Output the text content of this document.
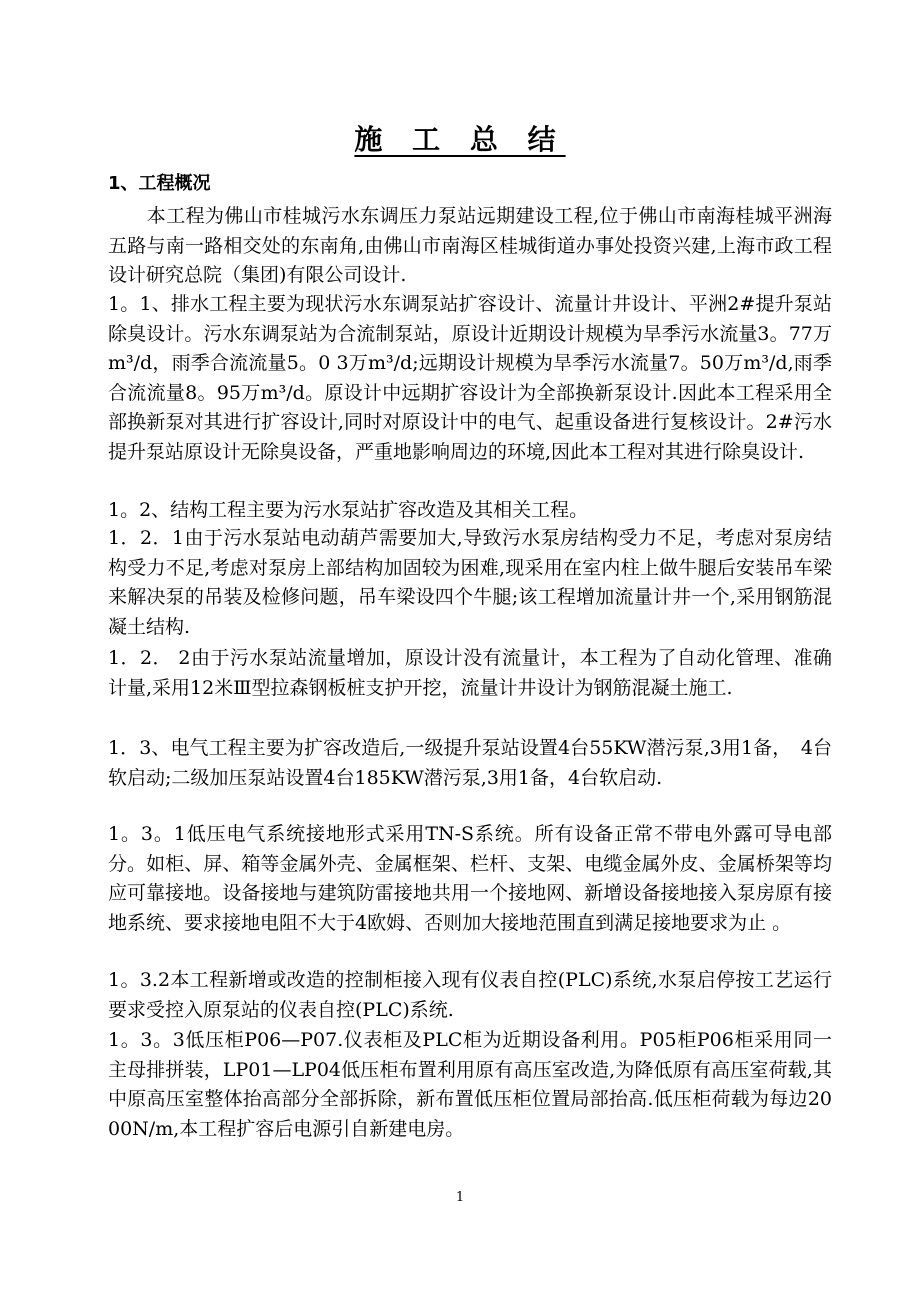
施 工 总 结
1、工程概况

　　本工程为佛山市桂城污水东调压力泵站远期建设工程,位于佛山市南海桂城平洲海五路与南一路相交处的东南角,由佛山市南海区桂城街道办事处投资兴建,上海市政工程设计研究总院（集团)有限公司设计.

1。1、排水工程主要为现状污水东调泵站扩容设计、流量计井设计、平洲2#提升泵站除臭设计。污水东调泵站为合流制泵站，原设计近期设计规模为旱季污水流量3。77万m³/d，雨季合流流量5。0 3万m³/d;远期设计规模为旱季污水流量7。50万m³/d,雨季合流流量8。95万m³/d。原设计中远期扩容设计为全部换新泵设计.因此本工程采用全部换新泵对其进行扩容设计,同时对原设计中的电气、起重设备进行复核设计。2#污水提升泵站原设计无除臭设备，严重地影响周边的环境,因此本工程对其进行除臭设计.

1。2、结构工程主要为污水泵站扩容改造及其相关工程。

1．2．1由于污水泵站电动葫芦需要加大,导致污水泵房结构受力不足，考虑对泵房结构受力不足,考虑对泵房上部结构加固较为困难,现采用在室内柱上做牛腿后安装吊车梁来解决泵的吊装及检修问题，吊车梁设四个牛腿;该工程增加流量计井一个,采用钢筋混凝土结构.

1．2． 2由于污水泵站流量增加，原设计没有流量计，本工程为了自动化管理、准确计量,采用12米Ⅲ型拉森钢板桩支护开挖，流量计井设计为钢筋混凝土施工.

1．3、电气工程主要为扩容改造后,一级提升泵站设置4台55KW潜污泵,3用1备，　4台软启动;二级加压泵站设置4台185KW潜污泵,3用1备，4台软启动.

1。3。1低压电气系统接地形式采用TN-S系统。所有设备正常不带电外露可导电部分。如柜、屏、箱等金属外壳、金属框架、栏杆、支架、电缆金属外皮、金属桥架等均应可靠接地。设备接地与建筑防雷接地共用一个接地网、新增设备接地接入泵房原有接地系统、要求接地电阻不大于4欧姆、否则加大接地范围直到满足接地要求为止 。

1。3.2本工程新增或改造的控制柜接入现有仪表自控(PLC)系统,水泵启停按工艺运行要求受控入原泵站的仪表自控(PLC)系统.

1。3。3低压柜P06—P07.仪表柜及PLC柜为近期设备利用。P05柜P06柜采用同一主母排拼装，LP01—LP04低压柜布置利用原有高压室改造,为降低原有高压室荷载,其中原高压室整体抬高部分全部拆除，新布置低压柜位置局部抬高.低压柜荷载为每边2000N/m,本工程扩容后电源引自新建电房。

1
